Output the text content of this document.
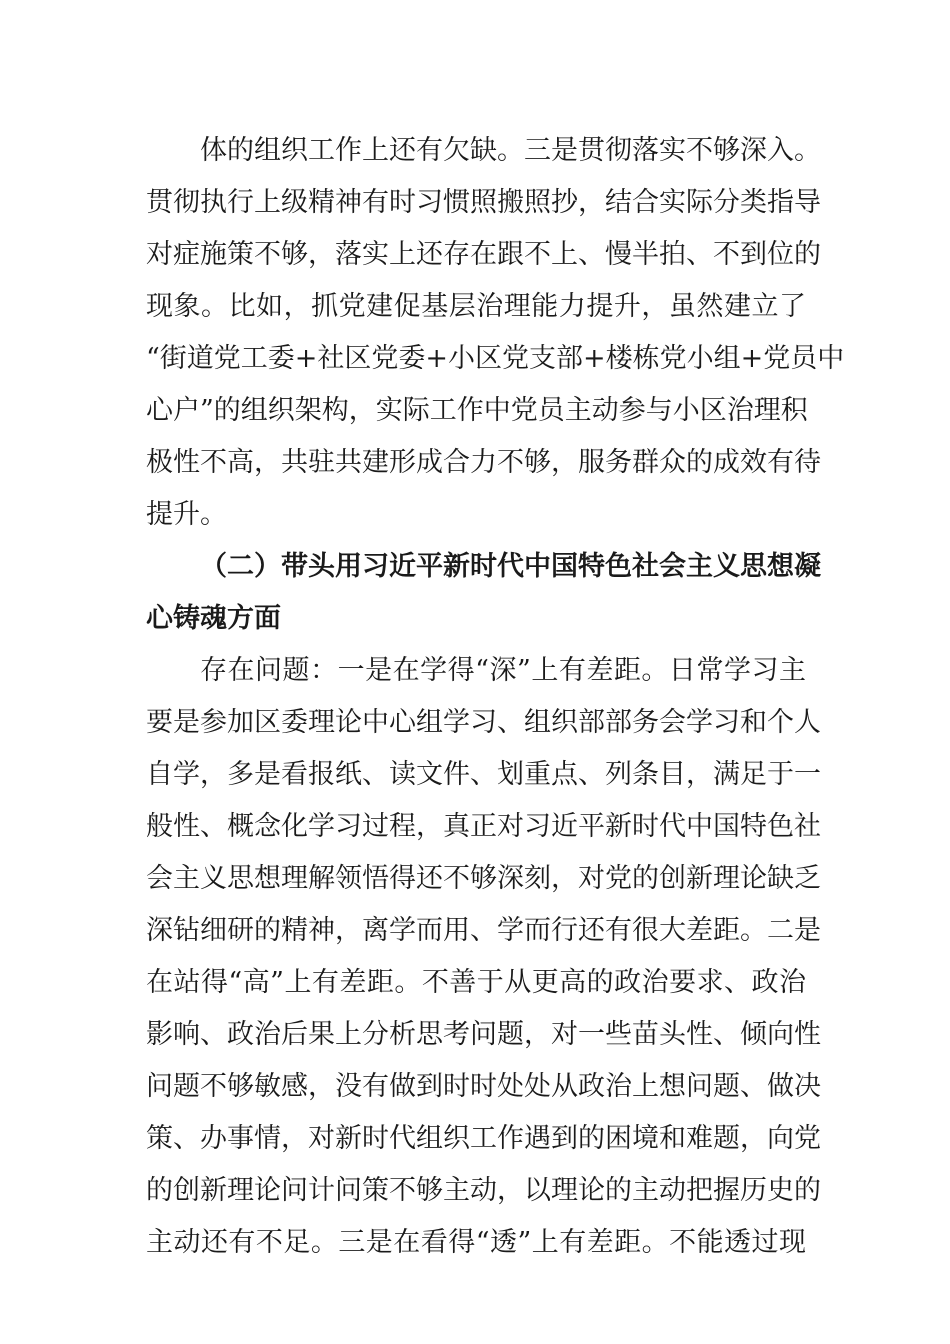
体的组织工作上还有欠缺。三是贯彻落实不够深入。
贯彻执行上级精神有时习惯照搬照抄，结合实际分类指导
对症施策不够，落实上还存在跟不上、慢半拍、不到位的
现象。比如，抓党建促基层治理能力提升，虽然建立了
“街道党工委+社区党委+小区党支部+楼栋党小组+党员中
心户”的组织架构，实际工作中党员主动参与小区治理积
极性不高，共驻共建形成合力不够，服务群众的成效有待
提升。
（二）带头用习近平新时代中国特色社会主义思想凝
心铸魂方面
存在问题：一是在学得“深”上有差距。日常学习主
要是参加区委理论中心组学习、组织部部务会学习和个人
自学，多是看报纸、读文件、划重点、列条目，满足于一
般性、概念化学习过程，真正对习近平新时代中国特色社
会主义思想理解领悟得还不够深刻，对党的创新理论缺乏
深钻细研的精神，离学而用、学而行还有很大差距。二是
在站得“高”上有差距。不善于从更高的政治要求、政治
影响、政治后果上分析思考问题，对一些苗头性、倾向性
问题不够敏感，没有做到时时处处从政治上想问题、做决
策、办事情，对新时代组织工作遇到的困境和难题，向党
的创新理论问计问策不够主动，以理论的主动把握历史的
主动还有不足。三是在看得“透”上有差距。不能透过现
